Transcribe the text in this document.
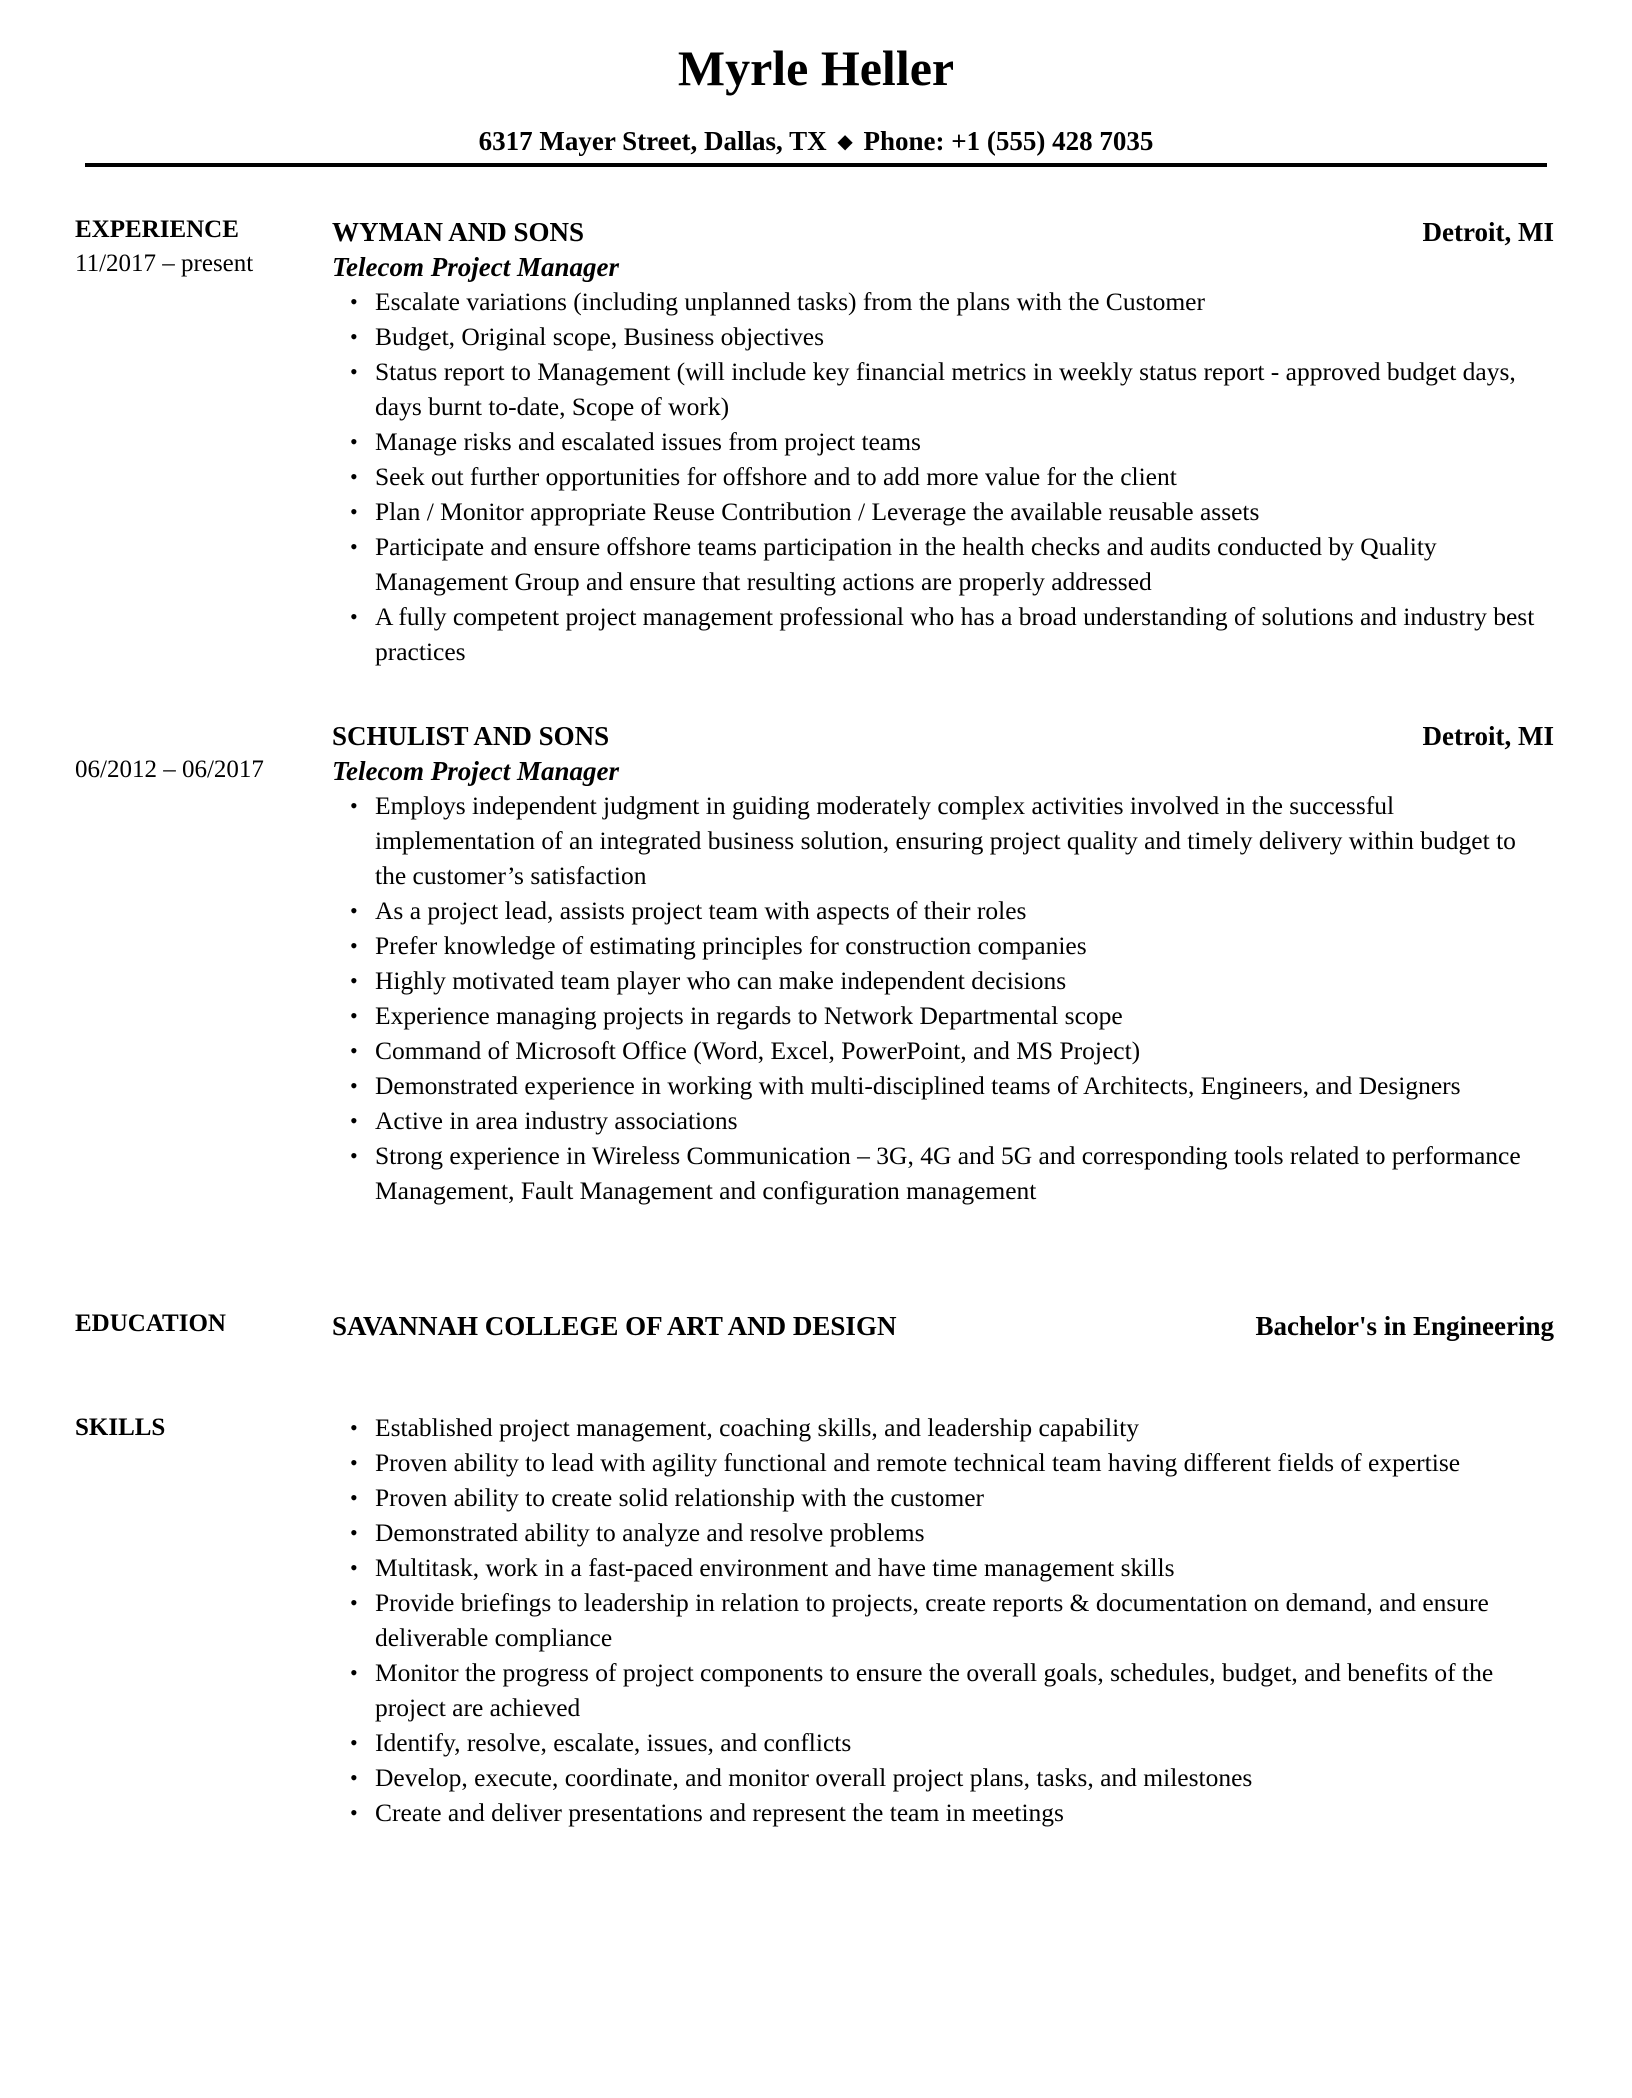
Myrle Heller
6317 Mayer Street, Dallas, TX ◆ Phone: +1 (555) 428 7035
EXPERIENCE
11/2017 – present
WYMAN AND SONS	Detroit, MI
Telecom Project Manager
• Escalate variations (including unplanned tasks) from the plans with the Customer
• Budget, Original scope, Business objectives
• Status report to Management (will include key financial metrics in weekly status report - approved budget days, days burnt to-date, Scope of work)
• Manage risks and escalated issues from project teams
• Seek out further opportunities for offshore and to add more value for the client
• Plan / Monitor appropriate Reuse Contribution / Leverage the available reusable assets
• Participate and ensure offshore teams participation in the health checks and audits conducted by Quality Management Group and ensure that resulting actions are properly addressed
• A fully competent project management professional who has a broad understanding of solutions and industry best practices
06/2012 – 06/2017
SCHULIST AND SONS	Detroit, MI
Telecom Project Manager
• Employs independent judgment in guiding moderately complex activities involved in the successful implementation of an integrated business solution, ensuring project quality and timely delivery within budget to the customer’s satisfaction
• As a project lead, assists project team with aspects of their roles
• Prefer knowledge of estimating principles for construction companies
• Highly motivated team player who can make independent decisions
• Experience managing projects in regards to Network Departmental scope
• Command of Microsoft Office (Word, Excel, PowerPoint, and MS Project)
• Demonstrated experience in working with multi-disciplined teams of Architects, Engineers, and Designers
• Active in area industry associations
• Strong experience in Wireless Communication – 3G, 4G and 5G and corresponding tools related to performance Management, Fault Management and configuration management
EDUCATION	SAVANNAH COLLEGE OF ART AND DESIGN	Bachelor's in Engineering
SKILLS	• Established project management, coaching skills, and leadership capability
• Proven ability to lead with agility functional and remote technical team having different fields of expertise
• Proven ability to create solid relationship with the customer
• Demonstrated ability to analyze and resolve problems
• Multitask, work in a fast-paced environment and have time management skills
• Provide briefings to leadership in relation to projects, create reports & documentation on demand, and ensure deliverable compliance
• Monitor the progress of project components to ensure the overall goals, schedules, budget, and benefits of the project are achieved
• Identify, resolve, escalate, issues, and conflicts
• Develop, execute, coordinate, and monitor overall project plans, tasks, and milestones
• Create and deliver presentations and represent the team in meetings
